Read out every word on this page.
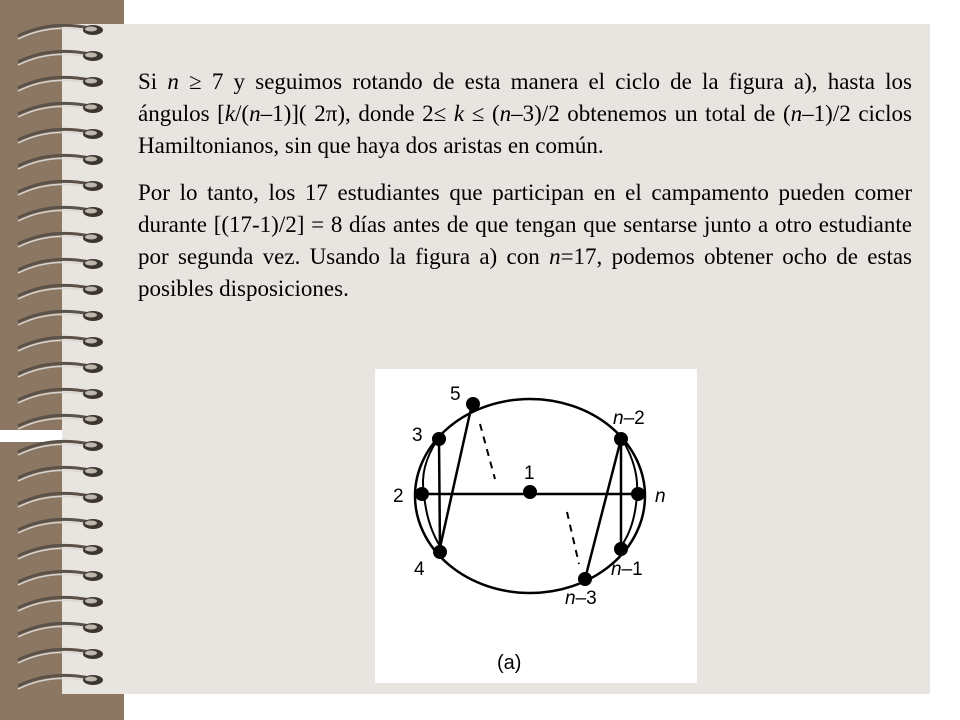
Si n ≥ 7 y seguimos rotando de esta manera el ciclo de la figura a), hasta los ángulos [k/(n–1)]( 2π), donde 2≤ k ≤ (n–3)/2 obtenemos un total de (n–1)/2 ciclos Hamiltonianos, sin que haya dos aristas en común.

Por lo tanto, los 17 estudiantes que participan en el campamento pueden comer durante [(17-1)/2] = 8 días antes de que tengan que sentarse junto a otro estudiante por segunda vez. Usando la figura a) con n=17, podemos obtener ocho de estas posibles disposiciones.

5
3
2
4
1
n–2
n
n–1
n–3
(a)
